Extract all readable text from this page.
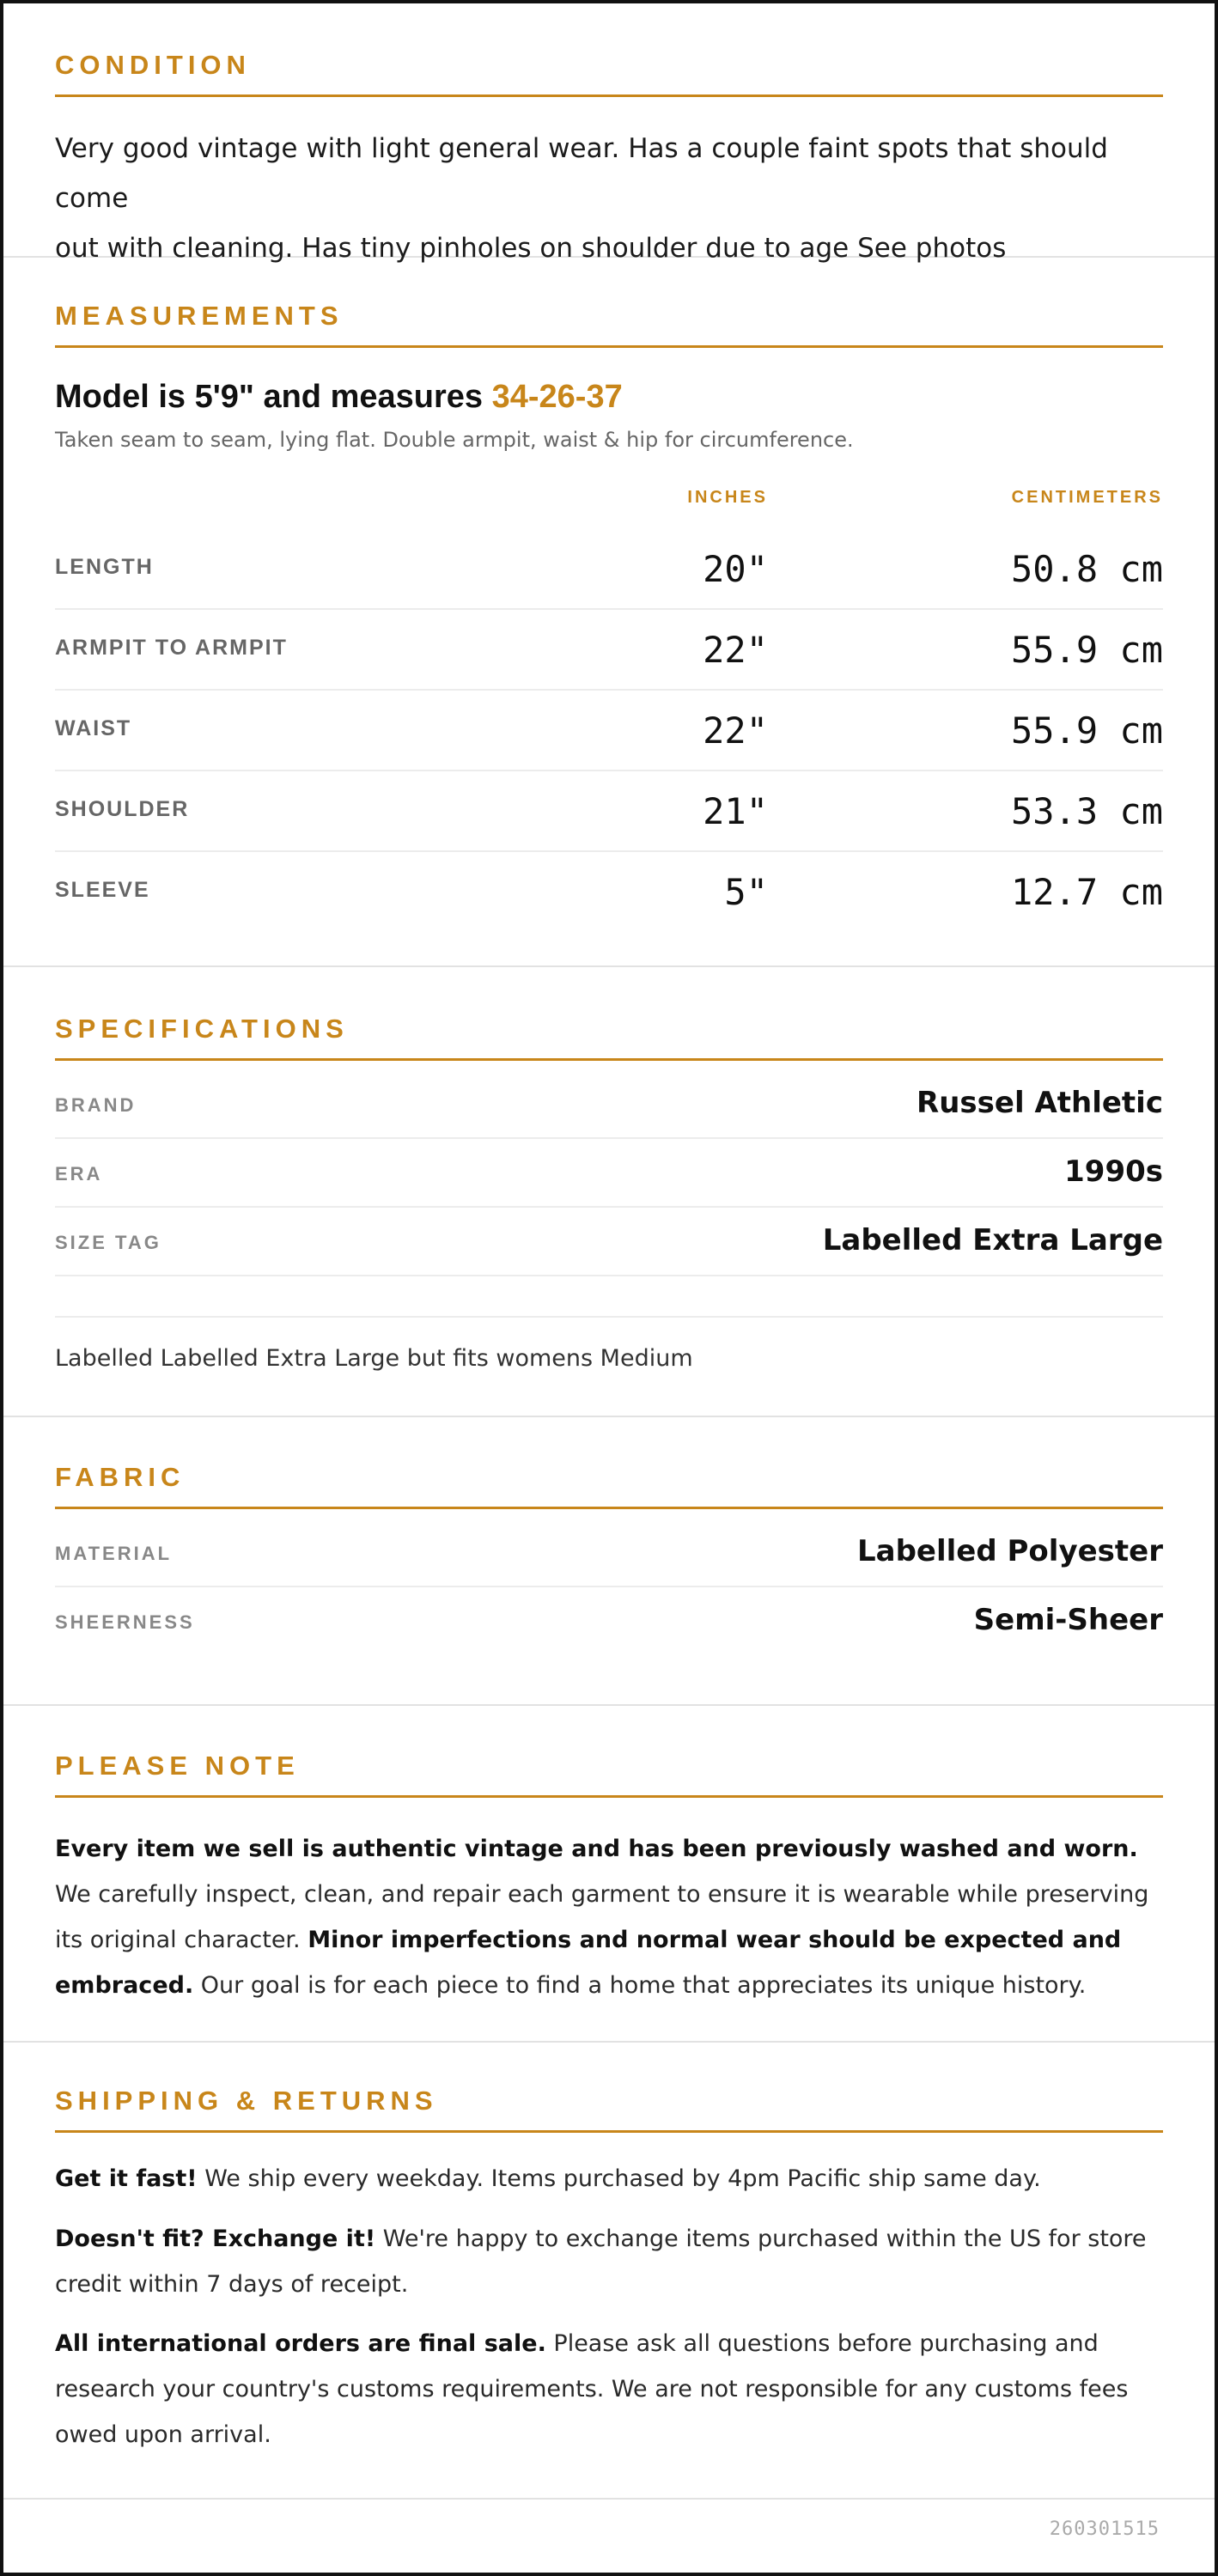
CONDITION
Very good vintage with light general wear. Has a couple faint spots that should come
out with cleaning. Has tiny pinholes on shoulder due to age See photos
MEASUREMENTS
Model is 5'9" and measures 34-26-37
Taken seam to seam, lying flat. Double armpit, waist & hip for circumference.
INCHES	CENTIMETERS
LENGTH	20"	50.8 cm
ARMPIT TO ARMPIT	22"	55.9 cm
WAIST	22"	55.9 cm
SHOULDER	21"	53.3 cm
SLEEVE	5"	12.7 cm
SPECIFICATIONS
BRAND	Russel Athletic
ERA	1990s
SIZE TAG	Labelled Extra Large
Labelled Labelled Extra Large but fits womens Medium
FABRIC
MATERIAL	Labelled Polyester
SHEERNESS	Semi-Sheer
PLEASE NOTE
Every item we sell is authentic vintage and has been previously washed and worn. We carefully inspect, clean, and repair each garment to ensure it is wearable while preserving its original character. Minor imperfections and normal wear should be expected and embraced. Our goal is for each piece to find a home that appreciates its unique history.
SHIPPING & RETURNS
Get it fast! We ship every weekday. Items purchased by 4pm Pacific ship same day.
Doesn't fit? Exchange it! We're happy to exchange items purchased within the US for store credit within 7 days of receipt.
All international orders are final sale. Please ask all questions before purchasing and research your country's customs requirements. We are not responsible for any customs fees owed upon arrival.
260301515
